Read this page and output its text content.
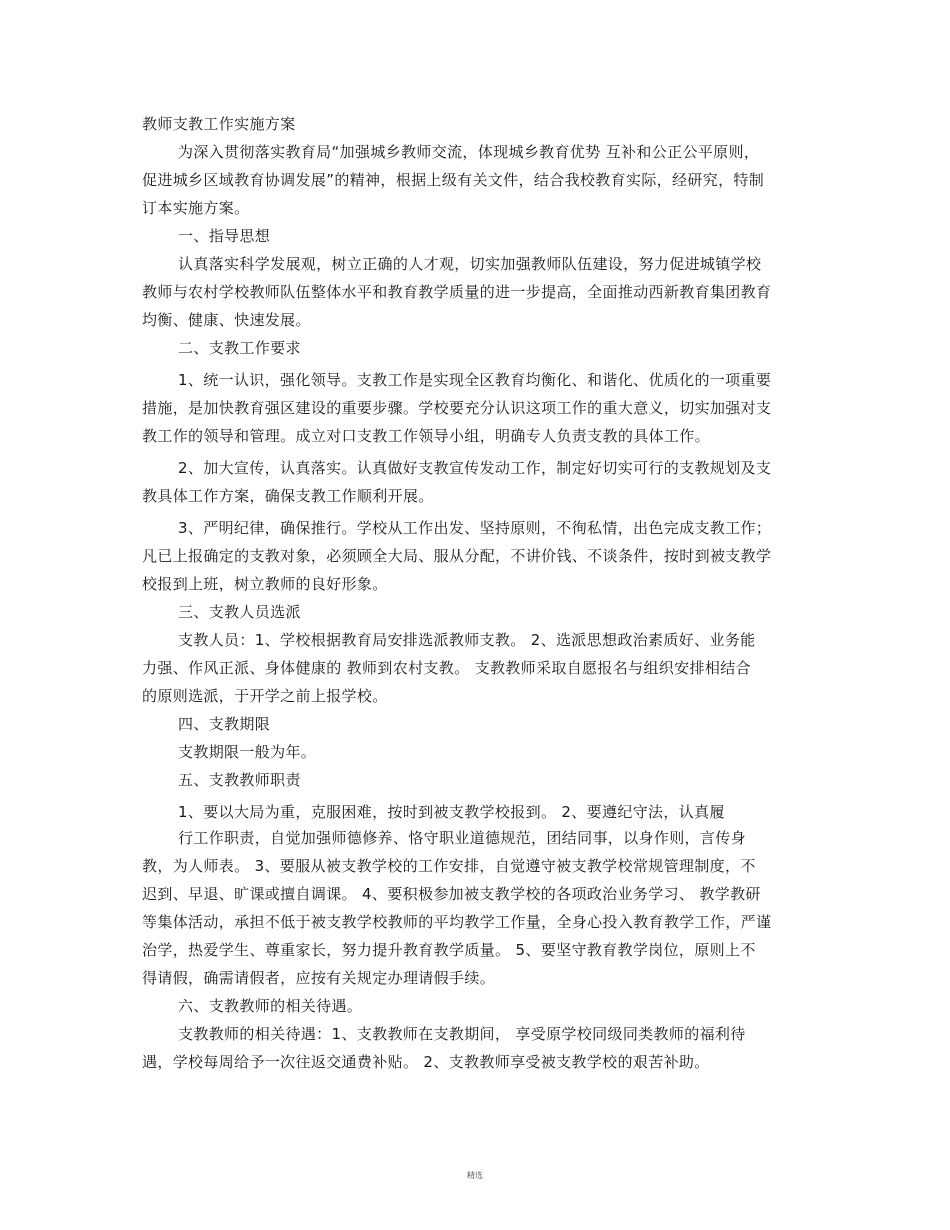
教师支教工作实施方案
为深入贯彻落实教育局“加强城乡教师交流，体现城乡教育优势 互补和公正公平原则，
促进城乡区域教育协调发展”的精神，根据上级有关文件，结合我校教育实际，经研究，特制
订本实施方案。
一、指导思想
认真落实科学发展观，树立正确的人才观，切实加强教师队伍建设，努力促进城镇学校
教师与农村学校教师队伍整体水平和教育教学质量的进一步提高，全面推动西新教育集团教育
均衡、健康、快速发展。
二、支教工作要求
1、统一认识，强化领导。支教工作是实现全区教育均衡化、和谐化、优质化的一项重要
措施，是加快教育强区建设的重要步骤。学校要充分认识这项工作的重大意义，切实加强对支
教工作的领导和管理。成立对口支教工作领导小组，明确专人负责支教的具体工作。
2、加大宣传，认真落实。认真做好支教宣传发动工作，制定好切实可行的支教规划及支
教具体工作方案，确保支教工作顺利开展。
3、严明纪律，确保推行。学校从工作出发、坚持原则，不徇私情，出色完成支教工作；
凡已上报确定的支教对象，必须顾全大局、服从分配，不讲价钱、不谈条件，按时到被支教学
校报到上班，树立教师的良好形象。
三、支教人员选派
支教人员：1、学校根据教育局安排选派教师支教。 2、选派思想政治素质好、业务能
力强、作风正派、身体健康的 教师到农村支教。 支教教师采取自愿报名与组织安排相结合
的原则选派，于开学之前上报学校。
四、支教期限
支教期限一般为年。
五、支教教师职责
1、要以大局为重，克服困难，按时到被支教学校报到。 2、要遵纪守法，认真履
行工作职责，自觉加强师德修养、恪守职业道德规范，团结同事，以身作则，言传身
教，为人师表。 3、要服从被支教学校的工作安排，自觉遵守被支教学校常规管理制度，不
迟到、早退、旷课或擅自调课。 4、要积极参加被支教学校的各项政治业务学习、 教学教研
等集体活动，承担不低于被支教学校教师的平均教学工作量，全身心投入教育教学工作，严谨
治学，热爱学生、尊重家长，努力提升教育教学质量。 5、要坚守教育教学岗位，原则上不
得请假，确需请假者，应按有关规定办理请假手续。
六、支教教师的相关待遇。
支教教师的相关待遇：1、支教教师在支教期间， 享受原学校同级同类教师的福利待
遇，学校每周给予一次往返交通费补贴。 2、支教教师享受被支教学校的艰苦补助。
精选
